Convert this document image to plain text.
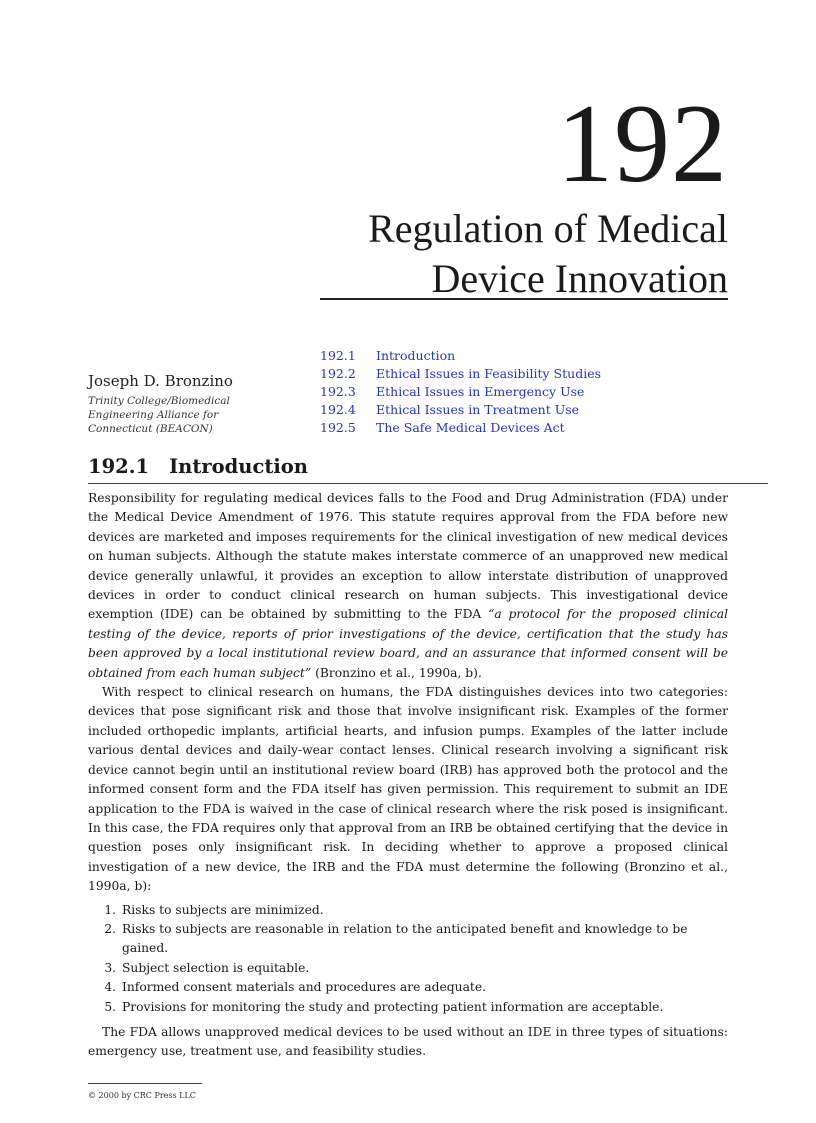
192
Regulation of Medical
Device Innovation
Joseph D. Bronzino
Trinity College/Biomedical
Engineering Alliance for
Connecticut (BEACON)
192.1	Introduction
192.2	Ethical Issues in Feasibility Studies
192.3	Ethical Issues in Emergency Use
192.4	Ethical Issues in Treatment Use
192.5	The Safe Medical Devices Act
192.1 Introduction

Responsibility for regulating medical devices falls to the Food and Drug Administration (FDA) under the Medical Device Amendment of 1976. This statute requires approval from the FDA before new devices are marketed and imposes requirements for the clinical investigation of new medical devices on human subjects. Although the statute makes interstate commerce of an unapproved new medical device generally unlawful, it provides an exception to allow interstate distribution of unapproved devices in order to conduct clinical research on human subjects. This investigational device exemption (IDE) can be obtained by submitting to the FDA “a protocol for the proposed clinical testing of the device, reports of prior investigations of the device, certification that the study has been approved by a local institutional review board, and an assurance that informed consent will be obtained from each human subject” (Bronzino et al., 1990a, b).

With respect to clinical research on humans, the FDA distinguishes devices into two categories: devices that pose significant risk and those that involve insignificant risk. Examples of the former included orthopedic implants, artificial hearts, and infusion pumps. Examples of the latter include various dental devices and daily-wear contact lenses. Clinical research involving a significant risk device cannot begin until an institutional review board (IRB) has approved both the protocol and the informed consent form and the FDA itself has given permission. This requirement to submit an IDE application to the FDA is waived in the case of clinical research where the risk posed is insignificant. In this case, the FDA requires only that approval from an IRB be obtained certifying that the device in question poses only insignificant risk. In deciding whether to approve a proposed clinical investigation of a new device, the IRB and the FDA must determine the following (Bronzino et al., 1990a, b):

1. Risks to subjects are minimized.
2. Risks to subjects are reasonable in relation to the anticipated benefit and knowledge to be gained.
3. Subject selection is equitable.
4. Informed consent materials and procedures are adequate.
5. Provisions for monitoring the study and protecting patient information are acceptable.

The FDA allows unapproved medical devices to be used without an IDE in three types of situations: emergency use, treatment use, and feasibility studies.

© 2000 by CRC Press LLC
